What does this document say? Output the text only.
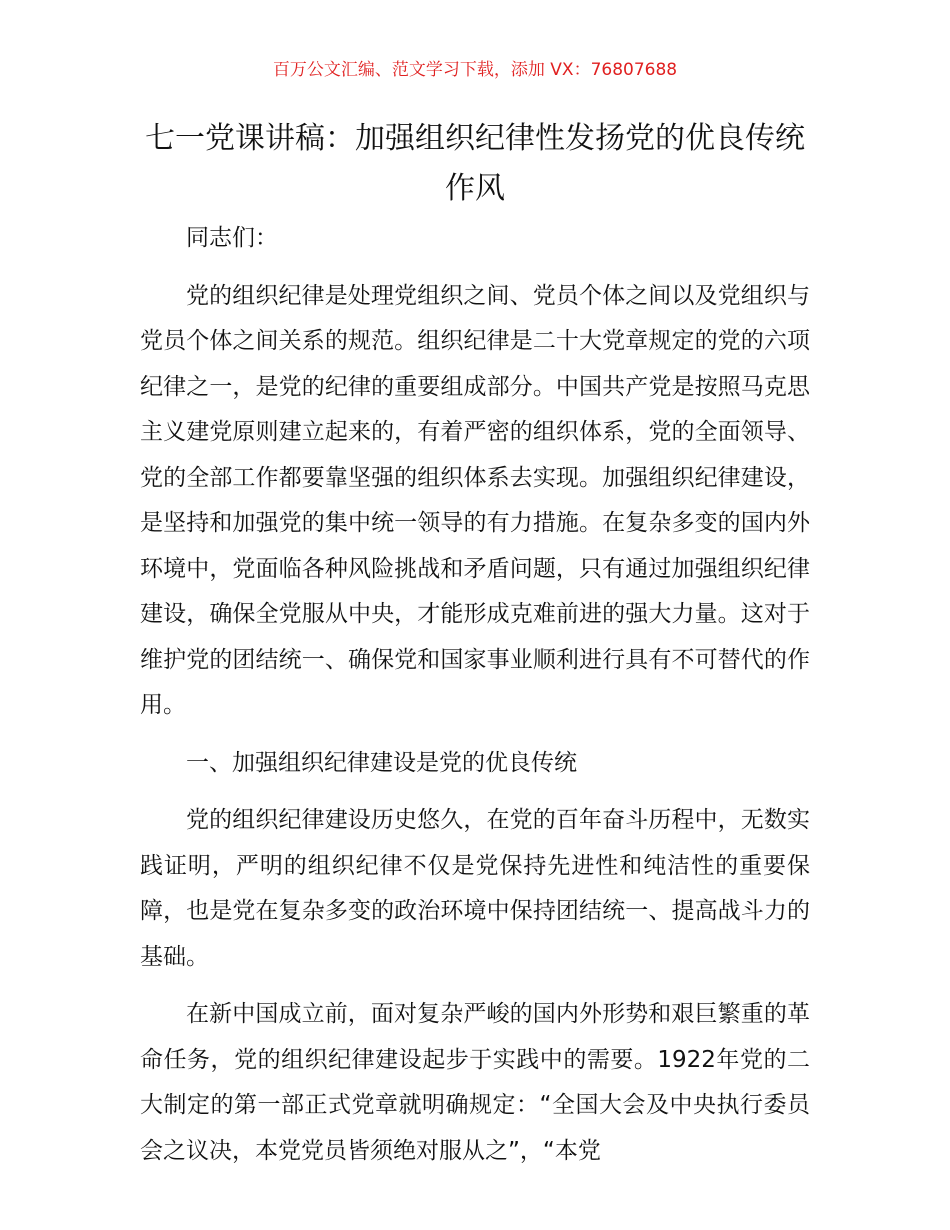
百万公文汇编、范文学习下载，添加 VX：76807688
七一党课讲稿：加强组织纪律性发扬党的优良传统作风

同志们：

党的组织纪律是处理党组织之间、党员个体之间以及党组织与党员个体之间关系的规范。组织纪律是二十大党章规定的党的六项纪律之一，是党的纪律的重要组成部分。中国共产党是按照马克思主义建党原则建立起来的，有着严密的组织体系，党的全面领导、党的全部工作都要靠坚强的组织体系去实现。加强组织纪律建设，是坚持和加强党的集中统一领导的有力措施。在复杂多变的国内外环境中，党面临各种风险挑战和矛盾问题，只有通过加强组织纪律建设，确保全党服从中央，才能形成克难前进的强大力量。这对于维护党的团结统一、确保党和国家事业顺利进行具有不可替代的作用。

一、加强组织纪律建设是党的优良传统

党的组织纪律建设历史悠久，在党的百年奋斗历程中，无数实践证明，严明的组织纪律不仅是党保持先进性和纯洁性的重要保障，也是党在复杂多变的政治环境中保持团结统一、提高战斗力的基础。

在新中国成立前，面对复杂严峻的国内外形势和艰巨繁重的革命任务，党的组织纪律建设起步于实践中的需要。1922年党的二大制定的第一部正式党章就明确规定：“全国大会及中央执行委员会之议决，本党党员皆须绝对服从之”，“本党
